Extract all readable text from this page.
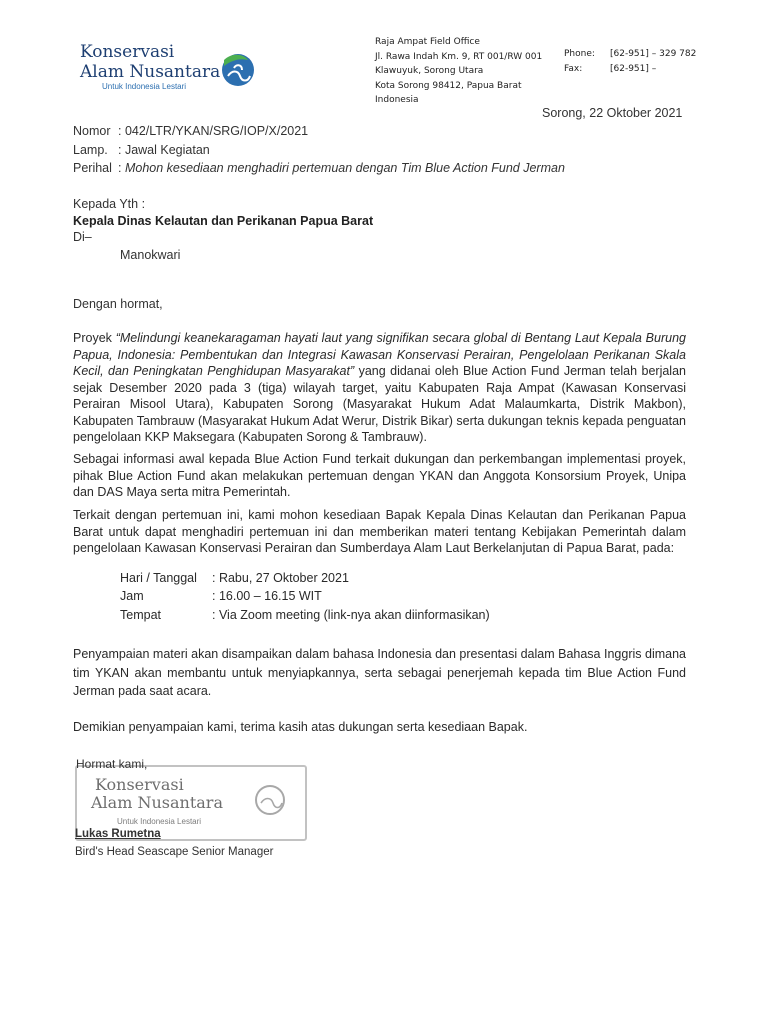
Konservasi
Alam Nusantara
Untuk Indonesia Lestari
Raja Ampat Field Office
Jl. Rawa Indah Km. 9, RT 001/RW 001
Klawuyuk, Sorong Utara
Kota Sorong 98412, Papua Barat
Indonesia
Phone: [62-951] – 329 782
Fax:	[62-951] –
Sorong, 22 Oktober 2021
Nomor : 042/LTR/YKAN/SRG/IOP/X/2021
Lamp. : Jawal Kegiatan
Perihal : Mohon kesediaan menghadiri pertemuan dengan Tim Blue Action Fund Jerman
Kepada Yth :
Kepala Dinas Kelautan dan Perikanan Papua Barat
Di–
Manokwari
Dengan hormat,
Proyek “Melindungi keanekaragaman hayati laut yang signifikan secara global di Bentang Laut Kepala Burung Papua, Indonesia: Pembentukan dan Integrasi Kawasan Konservasi Perairan, Pengelolaan Perikanan Skala Kecil, dan Peningkatan Penghidupan Masyarakat” yang didanai oleh Blue Action Fund Jerman telah berjalan sejak Desember 2020 pada 3 (tiga) wilayah target, yaitu Kabupaten Raja Ampat (Kawasan Konservasi Perairan Misool Utara), Kabupaten Sorong (Masyarakat Hukum Adat Malaumkarta, Distrik Makbon), Kabupaten Tambrauw (Masyarakat Hukum Adat Werur, Distrik Bikar) serta dukungan teknis kepada penguatan pengelolaan KKP Maksegara (Kabupaten Sorong & Tambrauw).
Sebagai informasi awal kepada Blue Action Fund terkait dukungan dan perkembangan implementasi proyek, pihak Blue Action Fund akan melakukan pertemuan dengan YKAN dan Anggota Konsorsium Proyek, Unipa dan DAS Maya serta mitra Pemerintah.
Terkait dengan pertemuan ini, kami mohon kesediaan Bapak Kepala Dinas Kelautan dan Perikanan Papua Barat untuk dapat menghadiri pertemuan ini dan memberikan materi tentang Kebijakan Pemerintah dalam pengelolaan Kawasan Konservasi Perairan dan Sumberdaya Alam Laut Berkelanjutan di Papua Barat, pada:
Hari / Tanggal : Rabu, 27 Oktober 2021
Jam	: 16.00 – 16.15 WIT
Tempat	: Via Zoom meeting (link-nya akan diinformasikan)
Penyampaian materi akan disampaikan dalam bahasa Indonesia dan presentasi dalam Bahasa Inggris dimana tim YKAN akan membantu untuk menyiapkannya, serta sebagai penerjemah kepada tim Blue Action Fund Jerman pada saat acara.
Demikian penyampaian kami, terima kasih atas dukungan serta kesediaan Bapak.
Konservasi
Alam Nusantara
Untuk Indonesia Lestari
Hormat kami,
Lukas Rumetna
Bird's Head Seascape Senior Manager
